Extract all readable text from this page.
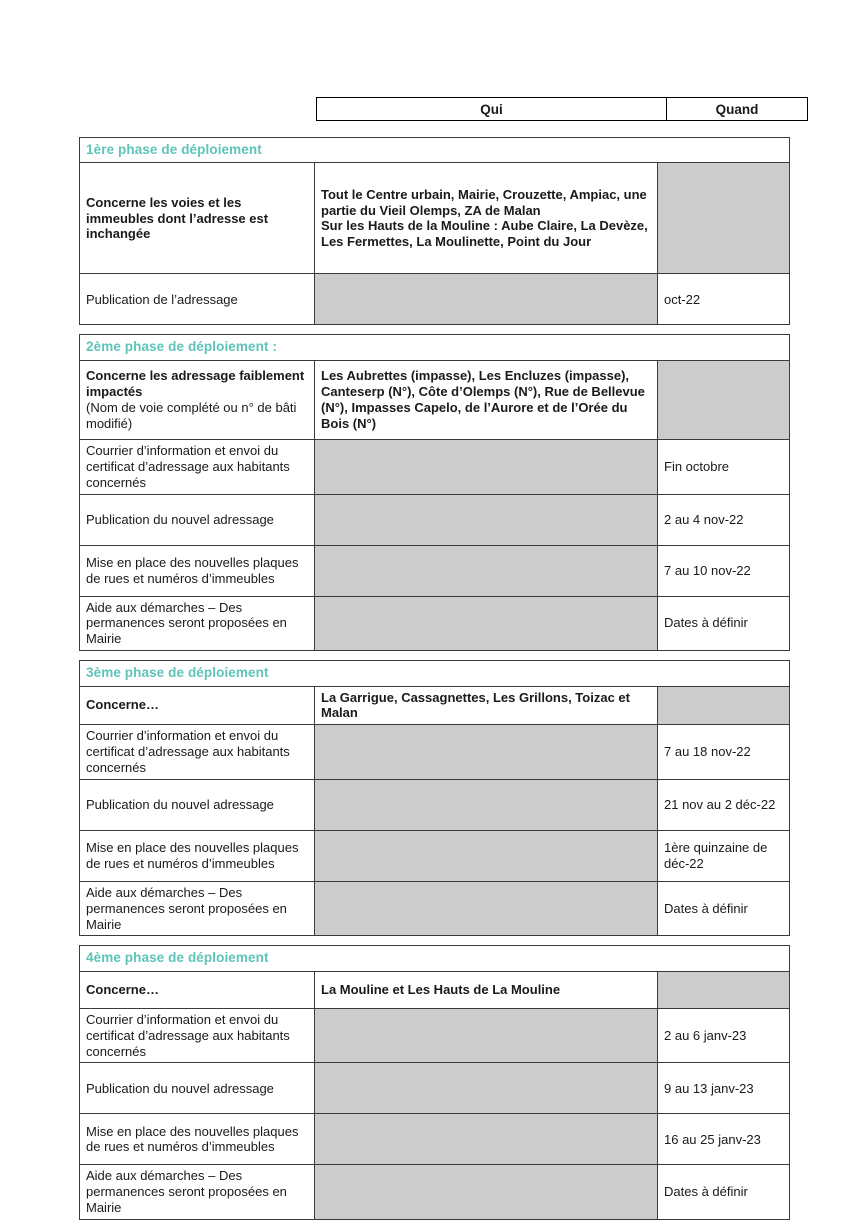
Qui	Quand
1ère phase de déploiement		
Concerne les voies et les immeubles dont l’adresse est inchangée	Tout le Centre urbain, Mairie, Crouzette, Ampiac, une partie du Vieil Olemps, ZA de Malan
Sur les Hauts de la Mouline : Aube Claire, La Devèze, Les Fermettes, La Moulinette, Point du Jour	
Publication de l’adressage		oct-22

2ème phase de déploiement :		
Concerne les adressage faiblement impactés
(Nom de voie complété ou n° de bâti modifié)	Les Aubrettes (impasse), Les Encluzes (impasse), Canteserp (N°), Côte d’Olemps (N°), Rue de Bellevue (N°), Impasses Capelo, de l’Aurore et de l’Orée du Bois (N°)	
Courrier d’information et envoi du certificat d’adressage aux habitants concernés		Fin octobre
Publication du nouvel adressage		2 au 4 nov-22
Mise en place des nouvelles plaques de rues et numéros d’immeubles		7 au 10 nov-22
Aide aux démarches – Des permanences seront proposées en Mairie		Dates à définir

3ème phase de déploiement		
Concerne…	La Garrigue, Cassagnettes, Les Grillons, Toizac et Malan	
Courrier d’information et envoi du certificat d’adressage aux habitants concernés		7 au 18 nov-22
Publication du nouvel adressage		21 nov au 2 déc-22
Mise en place des nouvelles plaques de rues et numéros d’immeubles		1ère quinzaine de déc-22
Aide aux démarches – Des permanences seront proposées en Mairie		Dates à définir

4ème phase de déploiement		
Concerne…	La Mouline et Les Hauts de La Mouline	
Courrier d’information et envoi du certificat d’adressage aux habitants concernés		2 au 6 janv-23
Publication du nouvel adressage		9 au 13 janv-23
Mise en place des nouvelles plaques de rues et numéros d’immeubles		16 au 25 janv-23
Aide aux démarches – Des permanences seront proposées en Mairie		Dates à définir
